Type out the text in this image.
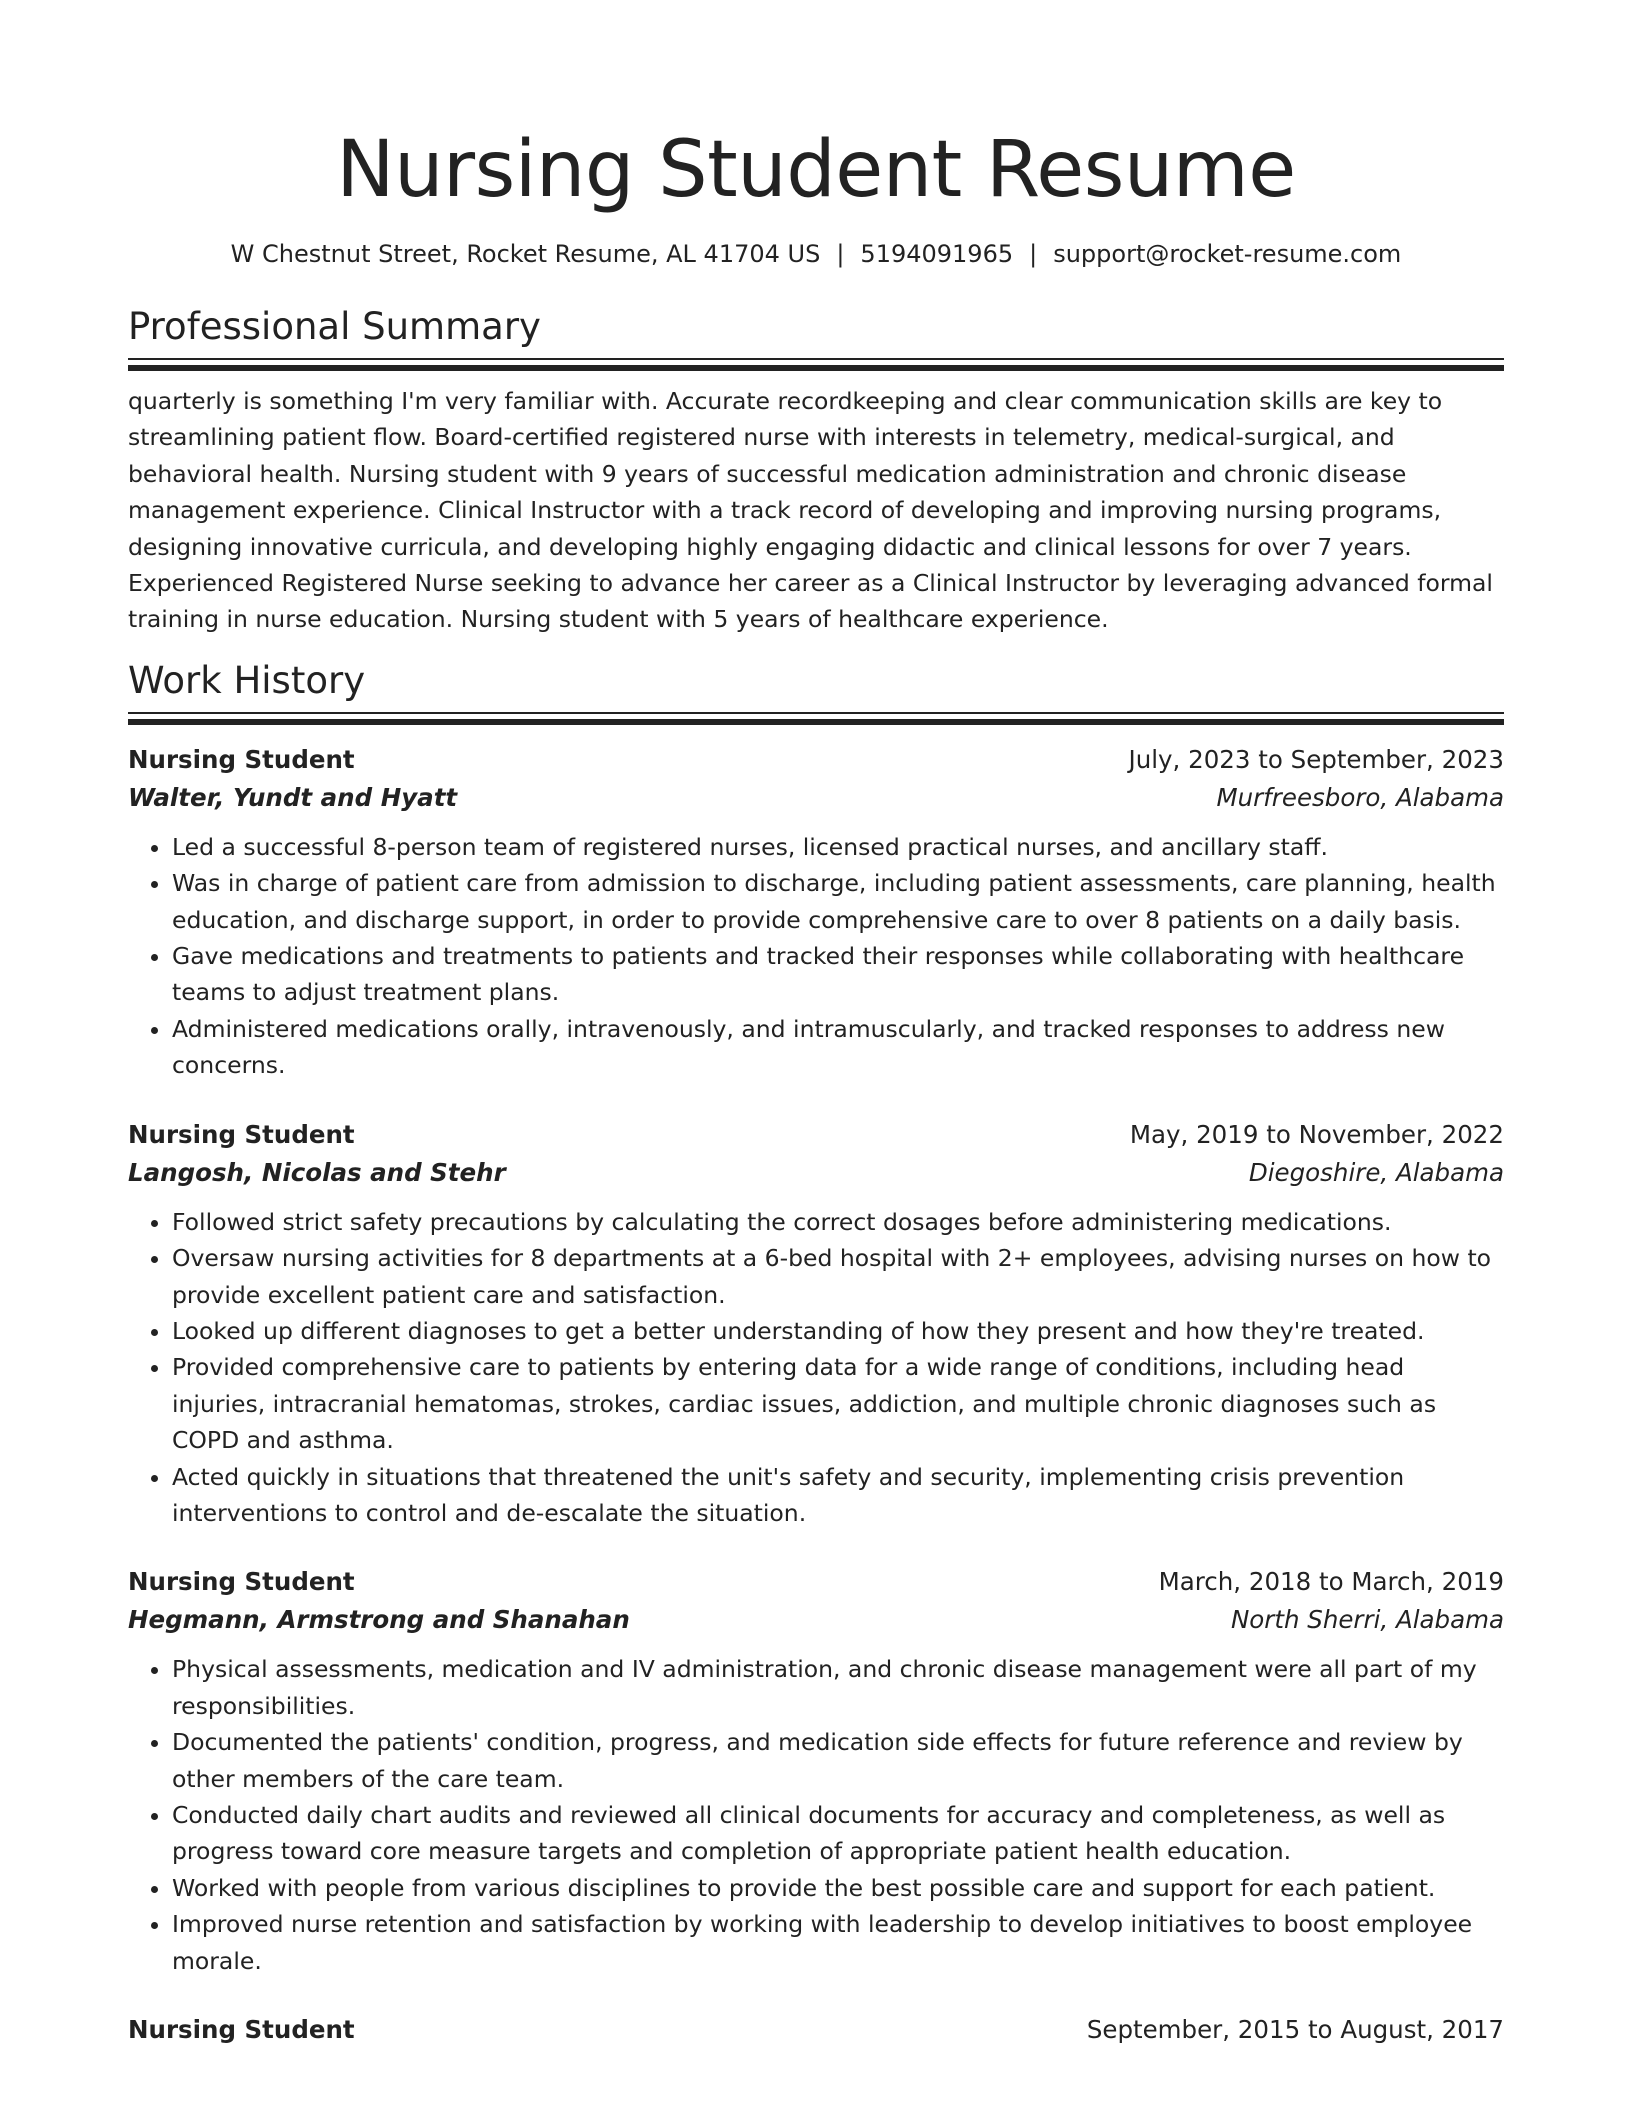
Nursing Student Resume
W Chestnut Street, Rocket Resume, AL 41704 US | 5194091965 | support@rocket-resume.com
Professional Summary

quarterly is something I'm very familiar with. Accurate recordkeeping and clear communication skills are key to streamlining patient flow. Board-certified registered nurse with interests in telemetry, medical-surgical, and behavioral health. Nursing student with 9 years of successful medication administration and chronic disease management experience. Clinical Instructor with a track record of developing and improving nursing programs, designing innovative curricula, and developing highly engaging didactic and clinical lessons for over 7 years. Experienced Registered Nurse seeking to advance her career as a Clinical Instructor by leveraging advanced formal training in nurse education. Nursing student with 5 years of healthcare experience.

Work History
Nursing Student	July, 2023 to September, 2023
Walter, Yundt and Hyatt	Murfreesboro, Alabama
• Led a successful 8-person team of registered nurses, licensed practical nurses, and ancillary staff.
• Was in charge of patient care from admission to discharge, including patient assessments, care planning, health education, and discharge support, in order to provide comprehensive care to over 8 patients on a daily basis.
• Gave medications and treatments to patients and tracked their responses while collaborating with healthcare teams to adjust treatment plans.
• Administered medications orally, intravenously, and intramuscularly, and tracked responses to address new concerns.
Nursing Student	May, 2019 to November, 2022
Langosh, Nicolas and Stehr	Diegoshire, Alabama
• Followed strict safety precautions by calculating the correct dosages before administering medications.
• Oversaw nursing activities for 8 departments at a 6-bed hospital with 2+ employees, advising nurses on how to provide excellent patient care and satisfaction.
• Looked up different diagnoses to get a better understanding of how they present and how they're treated.
• Provided comprehensive care to patients by entering data for a wide range of conditions, including head injuries, intracranial hematomas, strokes, cardiac issues, addiction, and multiple chronic diagnoses such as COPD and asthma.
• Acted quickly in situations that threatened the unit's safety and security, implementing crisis prevention interventions to control and de-escalate the situation.
Nursing Student	March, 2018 to March, 2019
Hegmann, Armstrong and Shanahan	North Sherri, Alabama
• Physical assessments, medication and IV administration, and chronic disease management were all part of my responsibilities.
• Documented the patients' condition, progress, and medication side effects for future reference and review by other members of the care team.
• Conducted daily chart audits and reviewed all clinical documents for accuracy and completeness, as well as progress toward core measure targets and completion of appropriate patient health education.
• Worked with people from various disciplines to provide the best possible care and support for each patient.
• Improved nurse retention and satisfaction by working with leadership to develop initiatives to boost employee morale.
Nursing Student	September, 2015 to August, 2017
